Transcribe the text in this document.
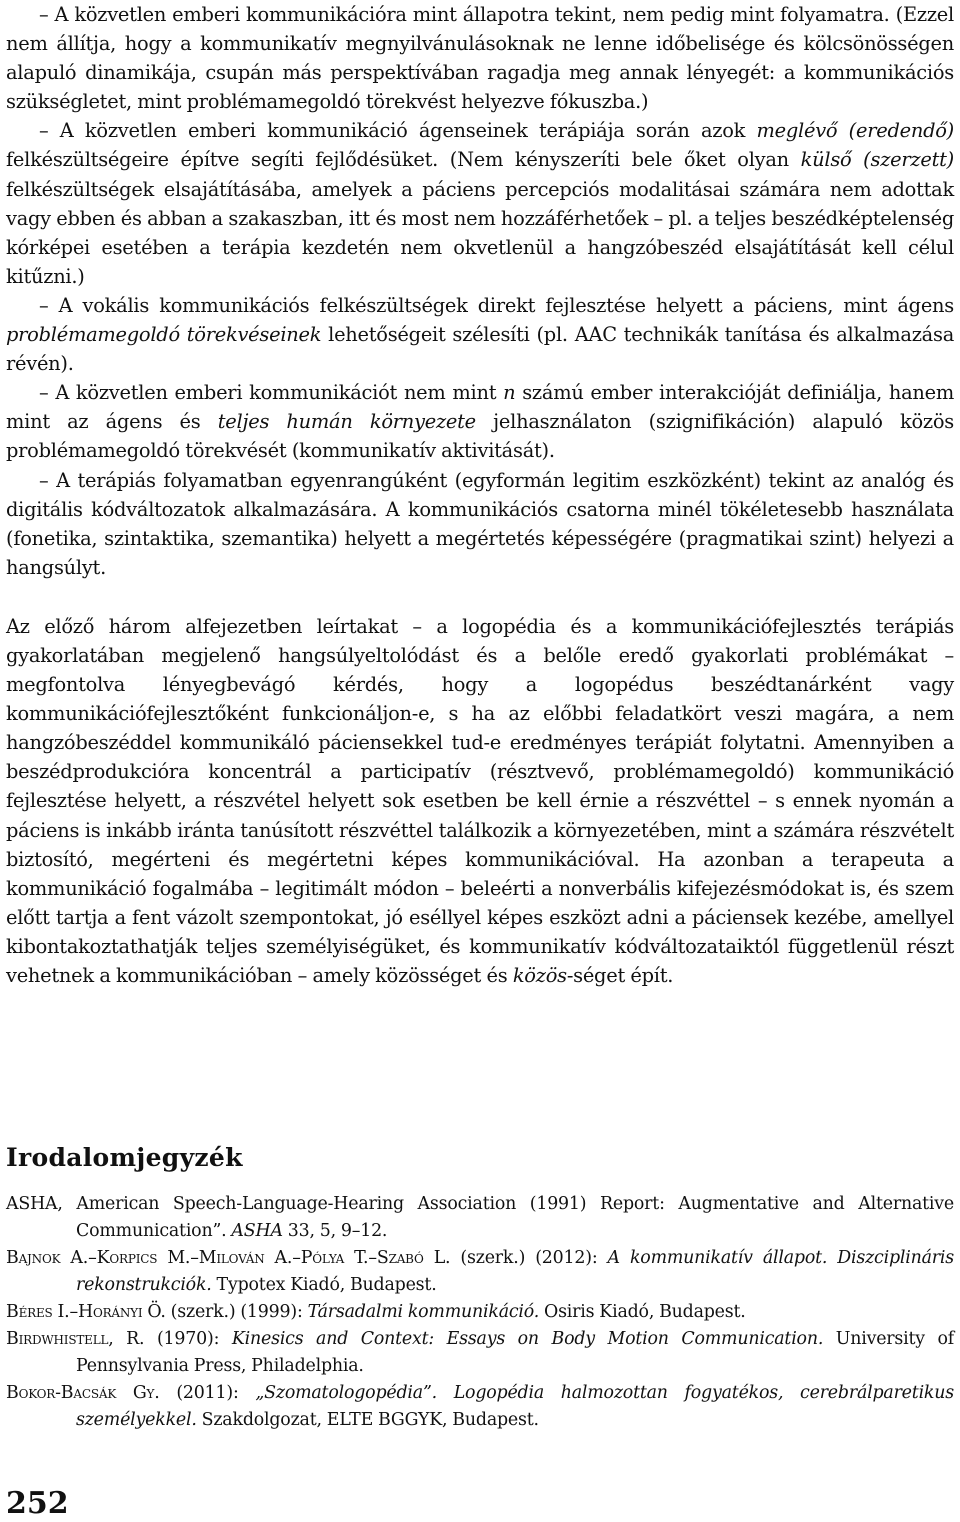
– A közvetlen emberi kommunikációra mint állapotra tekint, nem pedig mint folyamatra. (Ezzel nem állítja, hogy a kommunikatív megnyilvánulásoknak ne lenne időbelisége és kölcsönösségen alapuló dinamikája, csupán más perspektívában ragadja meg annak lényegét: a kommunikációs szükségletet, mint problémamegoldó törekvést helyezve fókuszba.)

– A közvetlen emberi kommunikáció ágenseinek terápiája során azok meglévő (eredendő) felkészültségeire építve segíti fejlődésüket. (Nem kényszeríti bele őket olyan külső (szerzett) felkészültségek elsajátításába, amelyek a páciens percepciós modalitásai számára nem adottak vagy ebben és abban a szakaszban, itt és most nem hozzáférhetőek – pl. a teljes beszédképtelenség kórképei esetében a terápia kezdetén nem okvetlenül a hangzóbeszéd elsajátítását kell célul kitűzni.)

– A vokális kommunikációs felkészültségek direkt fejlesztése helyett a páciens, mint ágens problémamegoldó törekvéseinek lehetőségeit szélesíti (pl. AAC technikák tanítása és alkalmazása révén).

– A közvetlen emberi kommunikációt nem mint n számú ember interakcióját definiálja, hanem mint az ágens és teljes humán környezete jelhasználaton (szignifikáción) alapuló közös problémamegoldó törekvését (kommunikatív aktivitását).

– A terápiás folyamatban egyenrangúként (egyformán legitim eszközként) tekint az analóg és digitális kódváltozatok alkalmazására. A kommunikációs csatorna minél tökéletesebb használata (fonetika, szintaktika, szemantika) helyett a megértetés képességére (pragmatikai szint) helyezi a hangsúlyt.

Az előző három alfejezetben leírtakat – a logopédia és a kommunikációfejlesztés terápiás gyakorlatában megjelenő hangsúlyeltolódást és a belőle eredő gyakorlati problémákat – megfontolva lényegbevágó kérdés, hogy a logopédus beszédtanárként vagy kommunikációfejlesztőként funkcionáljon-e, s ha az előbbi feladatkört veszi magára, a nem hangzóbeszéddel kommunikáló páciensekkel tud-e eredményes terápiát folytatni. Amennyiben a beszédprodukcióra koncentrál a participatív (résztvevő, problémamegoldó) kommunikáció fejlesztése helyett, a részvétel helyett sok esetben be kell érnie a részvéttel – s ennek nyomán a páciens is inkább iránta tanúsított részvéttel találkozik a környezetében, mint a számára részvételt biztosító, megérteni és megértetni képes kommunikációval. Ha azonban a terapeuta a kommunikáció fogalmába – legitimált módon – beleérti a nonverbális kifejezésmódokat is, és szem előtt tartja a fent vázolt szempontokat, jó eséllyel képes eszközt adni a páciensek kezébe, amellyel kibontakoztathatják teljes személyiségüket, és kommunikatív kódváltozataiktól függetlenül részt vehetnek a kommunikációban – amely közösséget és közös-séget épít.

Irodalomjegyzék

ASHA, American Speech-Language-Hearing Association (1991) Report: Augmentative and Alternative Communication”. ASHA 33, 5, 9–12.

Bajnok A.–Korpics M.–Milován A.–Pólya T.–Szabó L. (szerk.) (2012): A kommunikatív állapot. Diszciplináris rekonstrukciók. Typotex Kiadó, Budapest.

Béres I.–Horányi Ö. (szerk.) (1999): Társadalmi kommunikáció. Osiris Kiadó, Budapest.

Birdwhistell, R. (1970): Kinesics and Context: Essays on Body Motion Communication. University of Pennsylvania Press, Philadelphia.

Bokor-Bacsák Gy. (2011): „Szomatologopédia”. Logopédia halmozottan fogyatékos, cerebrálparetikus személyekkel. Szakdolgozat, ELTE BGGYK, Budapest.

252
